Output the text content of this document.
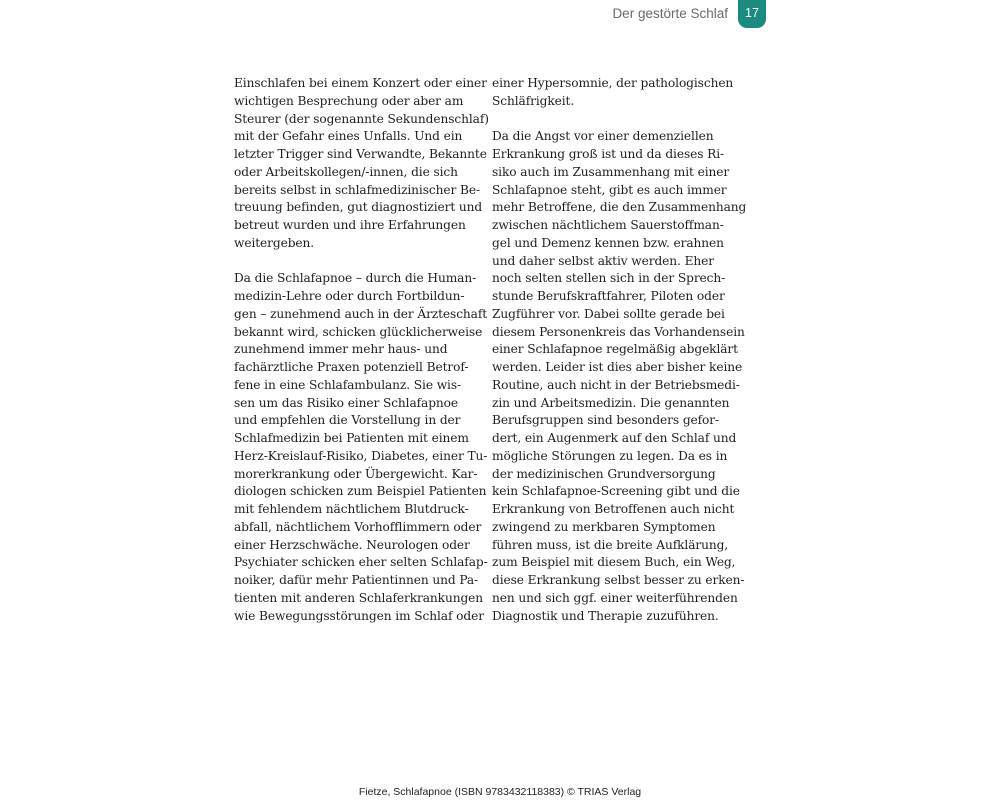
Der gestörte Schlaf	17
Einschlafen bei einem Konzert oder einer
wichtigen Besprechung oder aber am
Steurer (der sogenannte Sekundenschlaf)
mit der Gefahr eines Unfalls. Und ein
letzter Trigger sind Verwandte, Bekannte
oder Arbeitskollegen/-innen, die sich
bereits selbst in schlafmedizinischer Be-
treuung befinden, gut diagnostiziert und
betreut wurden und ihre Erfahrungen
weitergeben.
Da die Schlafapnoe – durch die Human-
medizin-Lehre oder durch Fortbildun-
gen – zunehmend auch in der Ärzteschaft
bekannt wird, schicken glücklicherweise
zunehmend immer mehr haus- und
fachärztliche Praxen potenziell Betrof-
fene in eine Schlafambulanz. Sie wis-
sen um das Risiko einer Schlafapnoe
und empfehlen die Vorstellung in der
Schlafmedizin bei Patienten mit einem
Herz-Kreislauf-Risiko, Diabetes, einer Tu-
morerkrankung oder Übergewicht. Kar-
diologen schicken zum Beispiel Patienten
mit fehlendem nächtlichem Blutdruck-
abfall, nächtlichem Vorhofflimmern oder
einer Herzschwäche. Neurologen oder
Psychiater schicken eher selten Schlafap-
noiker, dafür mehr Patientinnen und Pa-
tienten mit anderen Schlaferkrankungen
wie Bewegungsstörungen im Schlaf oder
einer Hypersomnie, der pathologischen
Schläfrigkeit.
Da die Angst vor einer demenziellen
Erkrankung groß ist und da dieses Ri-
siko auch im Zusammenhang mit einer
Schlafapnoe steht, gibt es auch immer
mehr Betroffene, die den Zusammenhang
zwischen nächtlichem Sauerstoffman-
gel und Demenz kennen bzw. erahnen
und daher selbst aktiv werden. Eher
noch selten stellen sich in der Sprech-
stunde Berufskraftfahrer, Piloten oder
Zugführer vor. Dabei sollte gerade bei
diesem Personenkreis das Vorhandensein
einer Schlafapnoe regelmäßig abgeklärt
werden. Leider ist dies aber bisher keine
Routine, auch nicht in der Betriebsmedi-
zin und Arbeitsmedizin. Die genannten
Berufsgruppen sind besonders gefor-
dert, ein Augenmerk auf den Schlaf und
mögliche Störungen zu legen. Da es in
der medizinischen Grundversorgung
kein Schlafapnoe-Screening gibt und die
Erkrankung von Betroffenen auch nicht
zwingend zu merkbaren Symptomen
führen muss, ist die breite Aufklärung,
zum Beispiel mit diesem Buch, ein Weg,
diese Erkrankung selbst besser zu erken-
nen und sich ggf. einer weiterführenden
Diagnostik und Therapie zuzuführen.
Fietze, Schlafapnoe (ISBN 9783432118383) © TRIAS Verlag
